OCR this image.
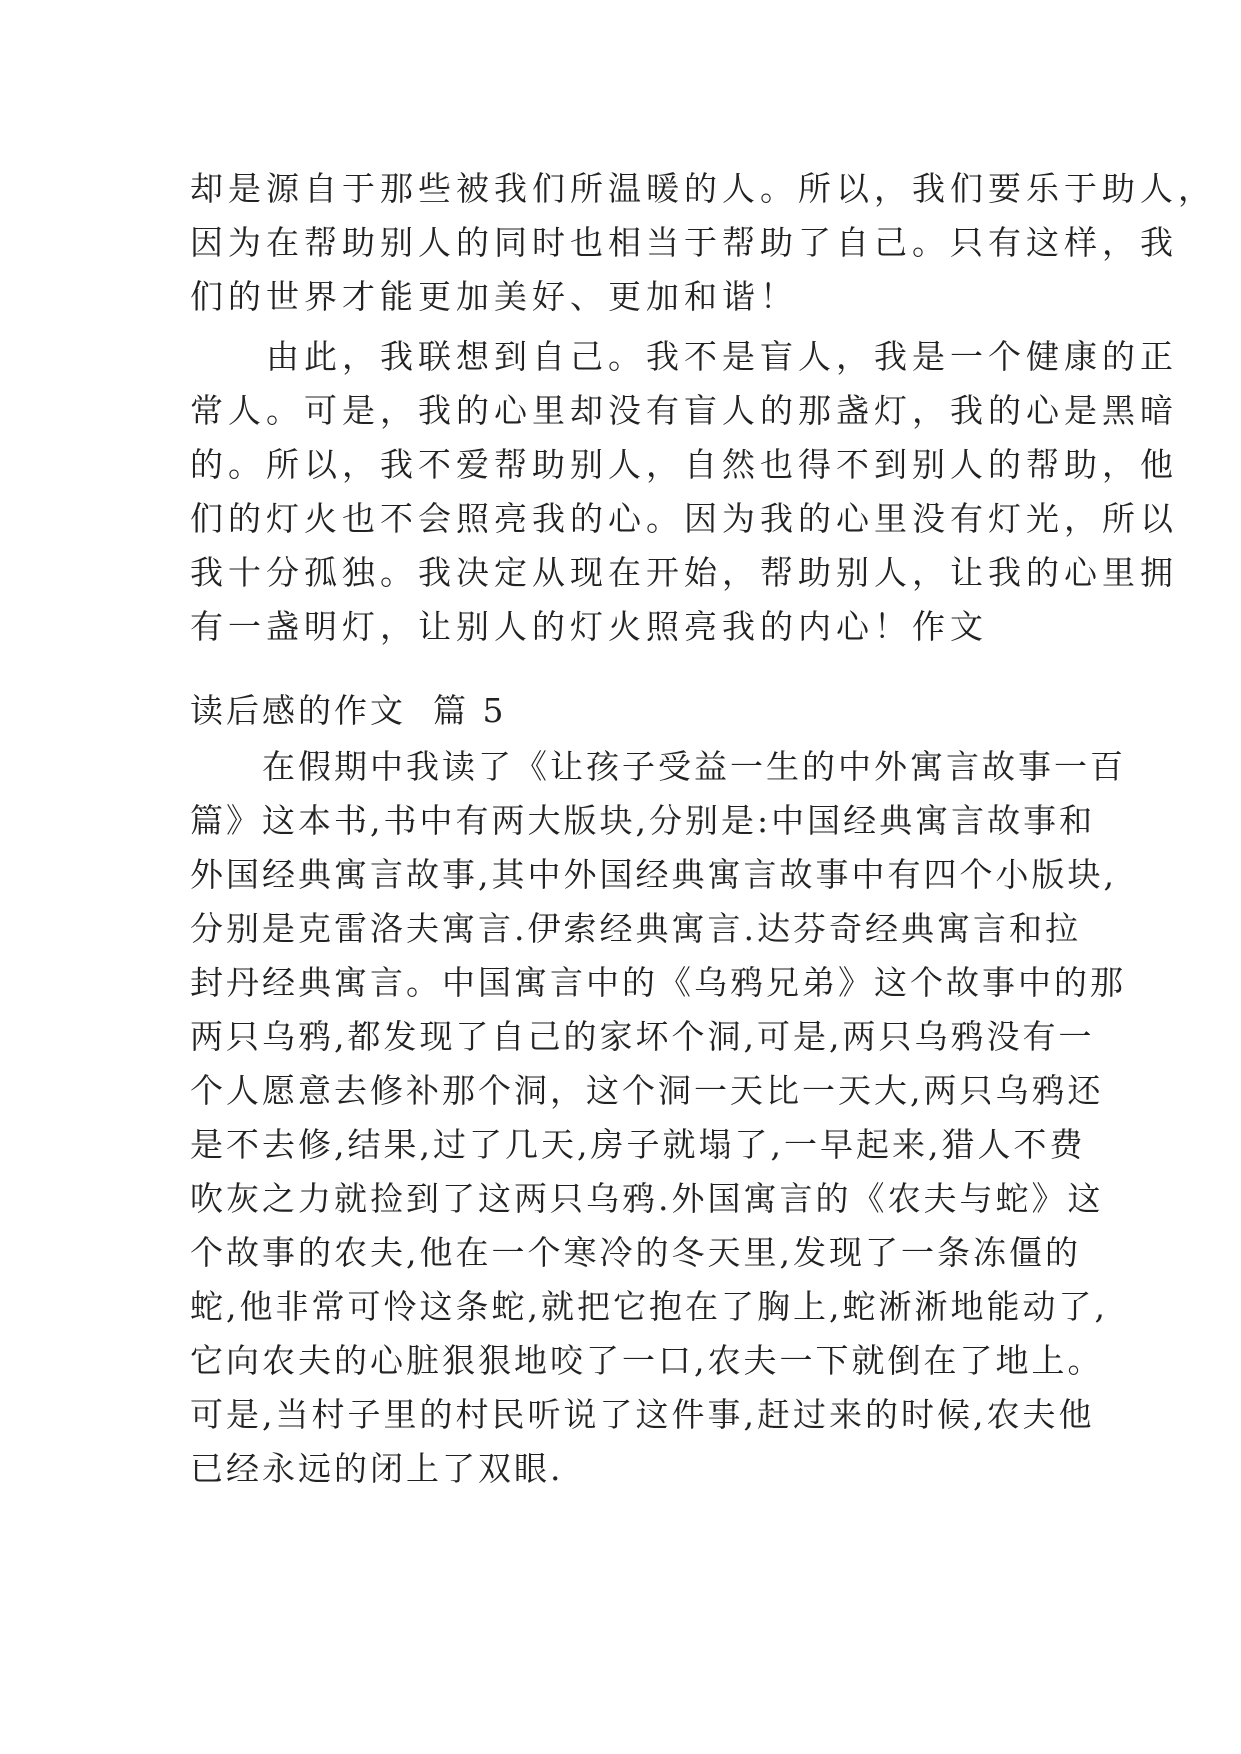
却是源自于那些被我们所温暖的人。所以，我们要乐于助人，
因为在帮助别人的同时也相当于帮助了自己。只有这样，我
们的世界才能更加美好、更加和谐！
　　由此，我联想到自己。我不是盲人，我是一个健康的正
常人。可是，我的心里却没有盲人的那盏灯，我的心是黑暗
的。所以，我不爱帮助别人，自然也得不到别人的帮助，他
们的灯火也不会照亮我的心。因为我的心里没有灯光，所以
我十分孤独。我决定从现在开始，帮助别人，让我的心里拥
有一盏明灯，让别人的灯火照亮我的内心！作文
读后感的作文  篇 5
　　在假期中我读了《让孩子受益一生的中外寓言故事一百
篇》这本书,书中有两大版块,分别是:中国经典寓言故事和
外国经典寓言故事,其中外国经典寓言故事中有四个小版块,
分别是克雷洛夫寓言.伊索经典寓言.达芬奇经典寓言和拉
封丹经典寓言。中国寓言中的《乌鸦兄弟》这个故事中的那
两只乌鸦,都发现了自己的家坏个洞,可是,两只乌鸦没有一
个人愿意去修补那个洞，这个洞一天比一天大,两只乌鸦还
是不去修,结果,过了几天,房子就塌了,一早起来,猎人不费
吹灰之力就捡到了这两只乌鸦.外国寓言的《农夫与蛇》这
个故事的农夫,他在一个寒冷的冬天里,发现了一条冻僵的
蛇,他非常可怜这条蛇,就把它抱在了胸上,蛇淅淅地能动了,
它向农夫的心脏狠狠地咬了一口,农夫一下就倒在了地上。
可是,当村子里的村民听说了这件事,赶过来的时候,农夫他
已经永远的闭上了双眼.
